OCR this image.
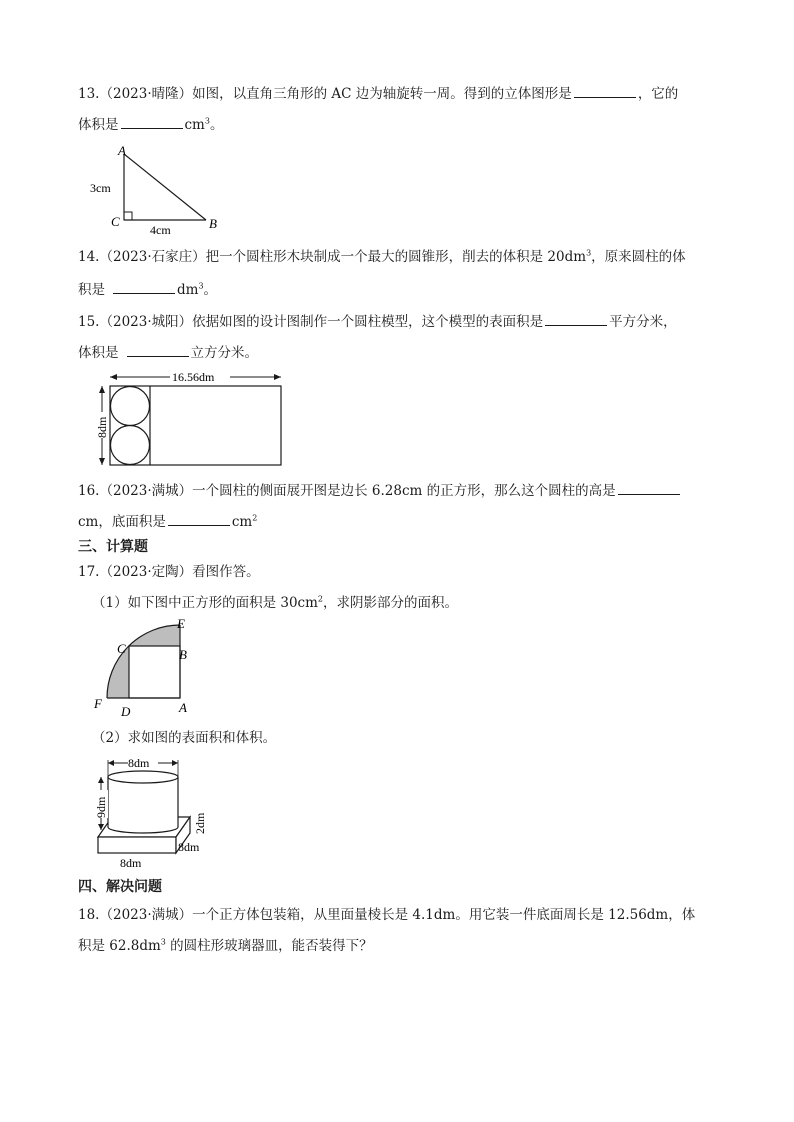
13.（2023·晴隆）如图，以直角三角形的 AC 边为轴旋转一周。得到的立体图形是	，它的
体积是	$cm^3$。
A
B
C
3cm
4cm
14.（2023·石家庄）把一个圆柱形木块制成一个最大的圆锥形，削去的体积是 $20dm^3$，原来圆柱的体
积是	$dm^3$。
15.（2023·城阳）依据如图的设计图制作一个圆柱模型，这个模型的表面积是	平方分米，
体积是	立方分米。
16.56dm
8dm
16.（2023·满城）一个圆柱的侧面展开图是边长 6.28cm 的正方形，那么这个圆柱的高是
cm，底面积是	$cm^2$
三、计算题
17.（2023·定陶）看图作答。
（1）如下图中正方形的面积是 $30cm^2$，求阴影部分的面积。
E
C	B
F
D	A
（2）求如图的表面积和体积。
8dm
9dm
2dm
8dm
8dm
四、解决问题
18.（2023·满城）一个正方体包装箱，从里面量棱长是 4.1dm。用它装一件底面周长是 12.56dm，体
积是 $62.8dm^3$ 的圆柱形玻璃器皿，能否装得下？
